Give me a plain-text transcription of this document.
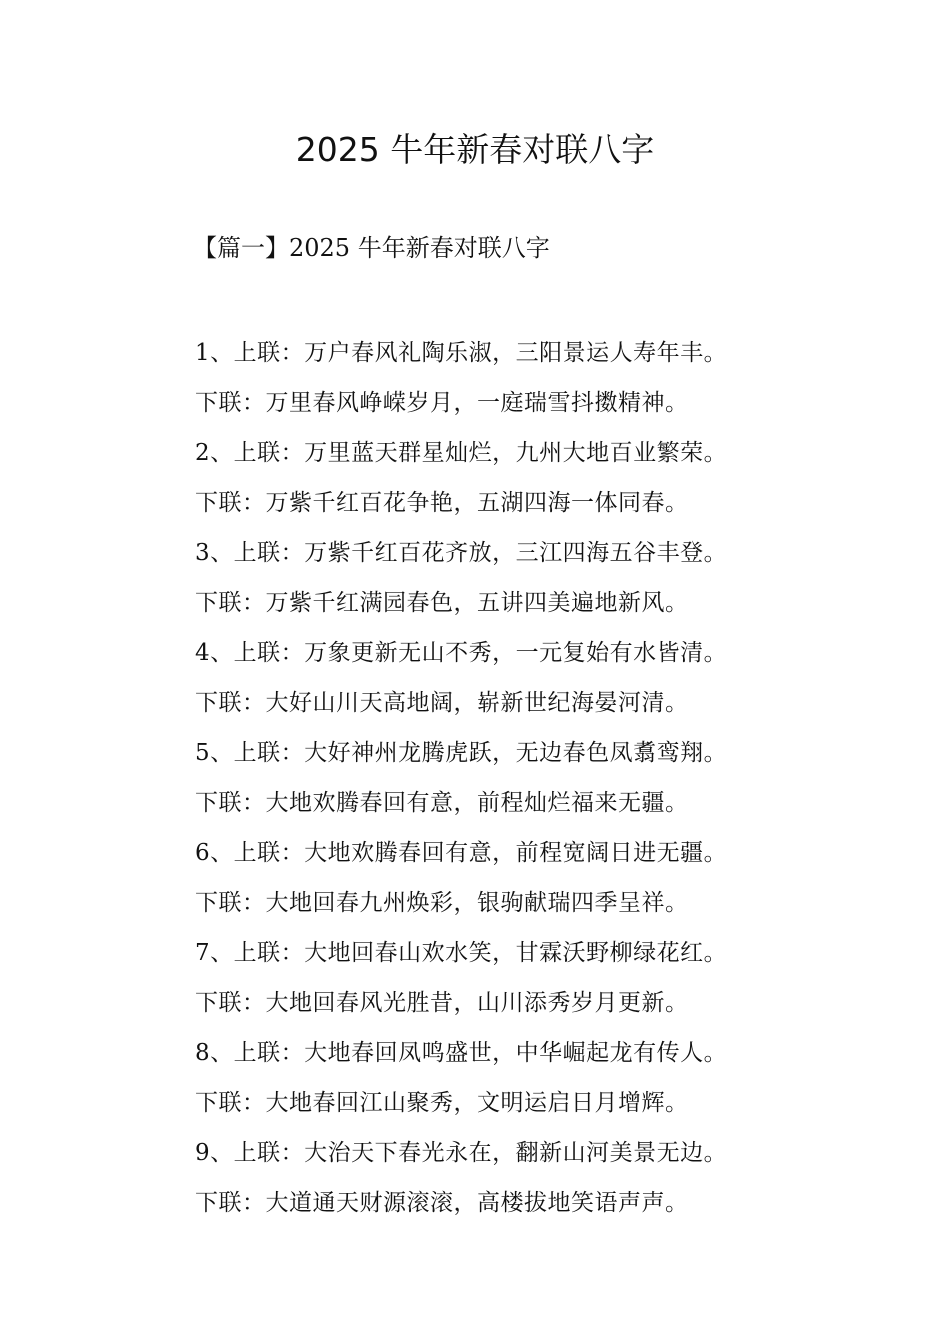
2025 牛年新春对联八字
【篇一】2025 牛年新春对联八字
1、上联：万户春风礼陶乐淑，三阳景运人寿年丰。
下联：万里春风峥嵘岁月，一庭瑞雪抖擞精神。
2、上联：万里蓝天群星灿烂，九州大地百业繁荣。
下联：万紫千红百花争艳，五湖四海一体同春。
3、上联：万紫千红百花齐放，三江四海五谷丰登。
下联：万紫千红满园春色，五讲四美遍地新风。
4、上联：万象更新无山不秀，一元复始有水皆清。
下联：大好山川天高地阔，崭新世纪海晏河清。
5、上联：大好神州龙腾虎跃，无边春色凤翥鸾翔。
下联：大地欢腾春回有意，前程灿烂福来无疆。
6、上联：大地欢腾春回有意，前程宽阔日进无疆。
下联：大地回春九州焕彩，银驹献瑞四季呈祥。
7、上联：大地回春山欢水笑，甘霖沃野柳绿花红。
下联：大地回春风光胜昔，山川添秀岁月更新。
8、上联：大地春回凤鸣盛世，中华崛起龙有传人。
下联：大地春回江山聚秀，文明运启日月增辉。
9、上联：大治天下春光永在，翻新山河美景无边。
下联：大道通天财源滚滚，高楼拔地笑语声声。
